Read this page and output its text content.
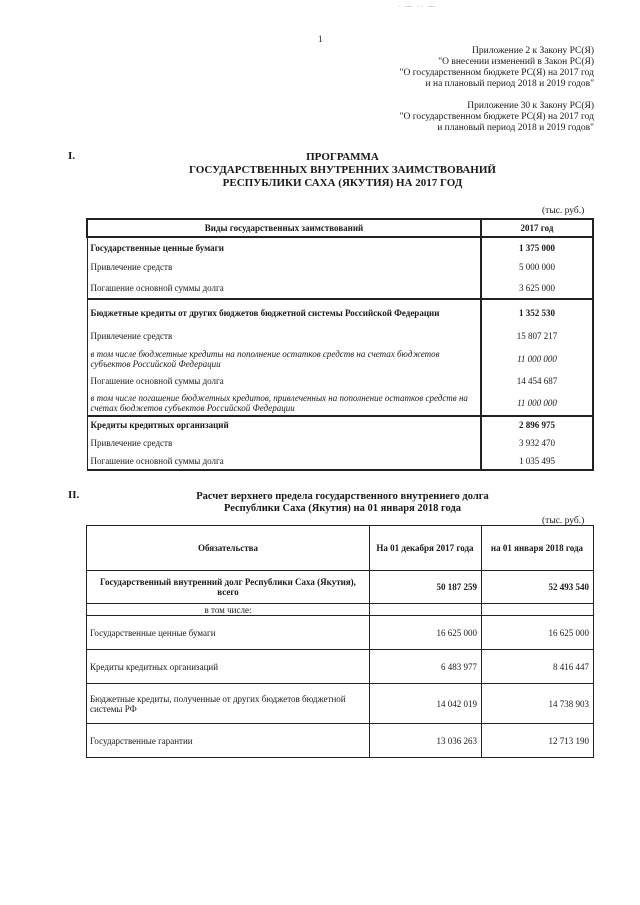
· — ·· —
1
Приложение 2 к Закону РС(Я)
"О внесении изменений в Закон РС(Я)
"О государственном бюджете РС(Я) на 2017 год
и на плановый период 2018 и 2019 годов"
Приложение 30 к Закону РС(Я)
"О государственном бюджете РС(Я) на 2017 год
и плановый период 2018 и 2019 годов"
I.	ПРОГРАММА
ГОСУДАРСТВЕННЫХ ВНУТРЕННИХ ЗАИМСТВОВАНИЙ
РЕСПУБЛИКИ САХА (ЯКУТИЯ) НА 2017 ГОД
(тыс. руб.)
Виды государственных заимствований	2017 год
Государственные ценные бумаги	1 375 000
Привлечение средств	5 000 000
Погашение основной суммы долга	3 625 000
Бюджетные кредиты от других бюджетов бюджетной системы Российской Федерации	1 352 530
Привлечение средств	15 807 217
в том числе бюджетные кредиты на пополнение остатков средств на счетах бюджетов субъектов Российской Федерации	11 000 000
Погашение основной суммы долга	14 454 687
в том числе погашение бюджетных кредитов, привлеченных на пополнение остатков средств на счетах бюджетов субъектов Российской Федерации	11 000 000
Кредиты кредитных организаций	2 896 975
Привлечение средств	3 932 470
Погашение основной суммы долга	1 035 495
II.	Расчет верхнего предела государственного внутреннего долга
Республики Саха (Якутия) на 01 января 2018 года
(тыс. руб.)
Обязательства	На 01 декабря 2017 года	на 01 января 2018 года
Государственный внутренний долг Республики Саха (Якутия), всего	50 187 259	52 493 540
в том числе:		
Государственные ценные бумаги	16 625 000	16 625 000
Кредиты кредитных организаций	6 483 977	8 416 447
Бюджетные кредиты, полученные от других бюджетов бюджетной системы РФ	14 042 019	14 738 903
Государственные гарантии	13 036 263	12 713 190
